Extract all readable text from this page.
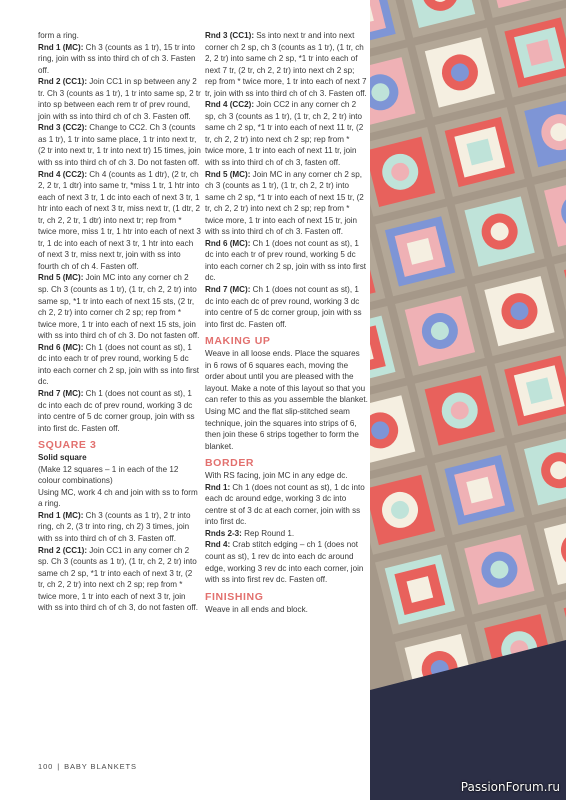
form a ring.
Rnd 1 (MC): Ch 3 (counts as 1 tr), 15 tr into ring, join with ss into third ch of ch 3. Fasten off.
Rnd 2 (CC1): Join CC1 in sp between any 2 tr. Ch 3 (counts as 1 tr), 1 tr into same sp, 2 tr into sp between each rem tr of prev round, join with ss into third ch of ch 3. Fasten off.
Rnd 3 (CC2): Change to CC2. Ch 3 (counts as 1 tr), 1 tr into same place, 1 tr into next tr, (2 tr into next tr, 1 tr into next tr) 15 times, join with ss into third ch of ch 3. Do not fasten off.
Rnd 4 (CC2): Ch 4 (counts as 1 dtr), (2 tr, ch 2, 2 tr, 1 dtr) into same tr, *miss 1 tr, 1 htr into each of next 3 tr, 1 dc into each of next 3 tr, 1 htr into each of next 3 tr, miss next tr, (1 dtr, 2 tr, ch 2, 2 tr, 1 dtr) into next tr; rep from * twice more, miss 1 tr, 1 htr into each of next 3 tr, 1 dc into each of next 3 tr, 1 htr into each of next 3 tr, miss next tr, join with ss into fourth ch of ch 4. Fasten off.
Rnd 5 (MC): Join MC into any corner ch 2 sp. Ch 3 (counts as 1 tr), (1 tr, ch 2, 2 tr) into same sp, *1 tr into each of next 15 sts, (2 tr, ch 2, 2 tr) into corner ch 2 sp; rep from * twice more, 1 tr into each of next 15 sts, join with ss into third ch of ch 3. Do not fasten off.
Rnd 6 (MC): Ch 1 (does not count as st), 1 dc into each tr of prev round, working 5 dc into each corner ch 2 sp, join with ss into first dc.
Rnd 7 (MC): Ch 1 (does not count as st), 1 dc into each dc of prev round, working 3 dc into centre of 5 dc corner group, join with ss into first dc. Fasten off.
SQUARE 3
Solid square
(Make 12 squares – 1 in each of the 12 colour combinations)
Using MC, work 4 ch and join with ss to form a ring.
Rnd 1 (MC): Ch 3 (counts as 1 tr), 2 tr into ring, ch 2, (3 tr into ring, ch 2) 3 times, join with ss into third ch of ch 3. Fasten off.
Rnd 2 (CC1): Join CC1 in any corner ch 2 sp. Ch 3 (counts as 1 tr), (1 tr, ch 2, 2 tr) into same ch 2 sp, *1 tr into each of next 3 tr, (2 tr, ch 2, 2 tr) into next ch 2 sp; rep from * twice more, 1 tr into each of next 3 tr, join with ss into third ch of ch 3, do not fasten off.
Rnd 3 (CC1): Ss into next tr and into next corner ch 2 sp, ch 3 (counts as 1 tr), (1 tr, ch 2, 2 tr) into same ch 2 sp, *1 tr into each of next 7 tr, (2 tr, ch 2, 2 tr) into next ch 2 sp; rep from * twice more, 1 tr into each of next 7 tr, join with ss into third ch of ch 3. Fasten off.
Rnd 4 (CC2): Join CC2 in any corner ch 2 sp, ch 3 (counts as 1 tr), (1 tr, ch 2, 2 tr) into same ch 2 sp, *1 tr into each of next 11 tr, (2 tr, ch 2, 2 tr) into next ch 2 sp; rep from * twice more, 1 tr into each of next 11 tr, join with ss into third ch of ch 3, fasten off.
Rnd 5 (MC): Join MC in any corner ch 2 sp, ch 3 (counts as 1 tr), (1 tr, ch 2, 2 tr) into same ch 2 sp, *1 tr into each of next 15 tr, (2 tr, ch 2, 2 tr) into next ch 2 sp; rep from * twice more, 1 tr into each of next 15 tr, join with ss into third ch of ch 3. Fasten off.
Rnd 6 (MC): Ch 1 (does not count as st), 1 dc into each tr of prev round, working 5 dc into each corner ch 2 sp, join with ss into first dc.
Rnd 7 (MC): Ch 1 (does not count as st), 1 dc into each dc of prev round, working 3 dc into centre of 5 dc corner group, join with ss into first dc. Fasten off.
MAKING UP
Weave in all loose ends. Place the squares in 6 rows of 6 squares each, moving the order about until you are pleased with the layout. Make a note of this layout so that you can refer to this as you assemble the blanket. Using MC and the flat slip-stitched seam technique, join the squares into strips of 6, then join these 6 strips together to form the blanket.
BORDER
With RS facing, join MC in any edge dc.
Rnd 1: Ch 1 (does not count as st), 1 dc into each dc around edge, working 3 dc into centre st of 3 dc at each corner, join with ss into first dc.
Rnds 2-3: Rep Round 1.
Rnd 4: Crab stitch edging – ch 1 (does not count as st), 1 rev dc into each dc around edge, working 3 rev dc into each corner, join with ss into first rev dc. Fasten off.
FINISHING
Weave in all ends and block.
100 | BABY BLANKETS
PassionForum.ru
